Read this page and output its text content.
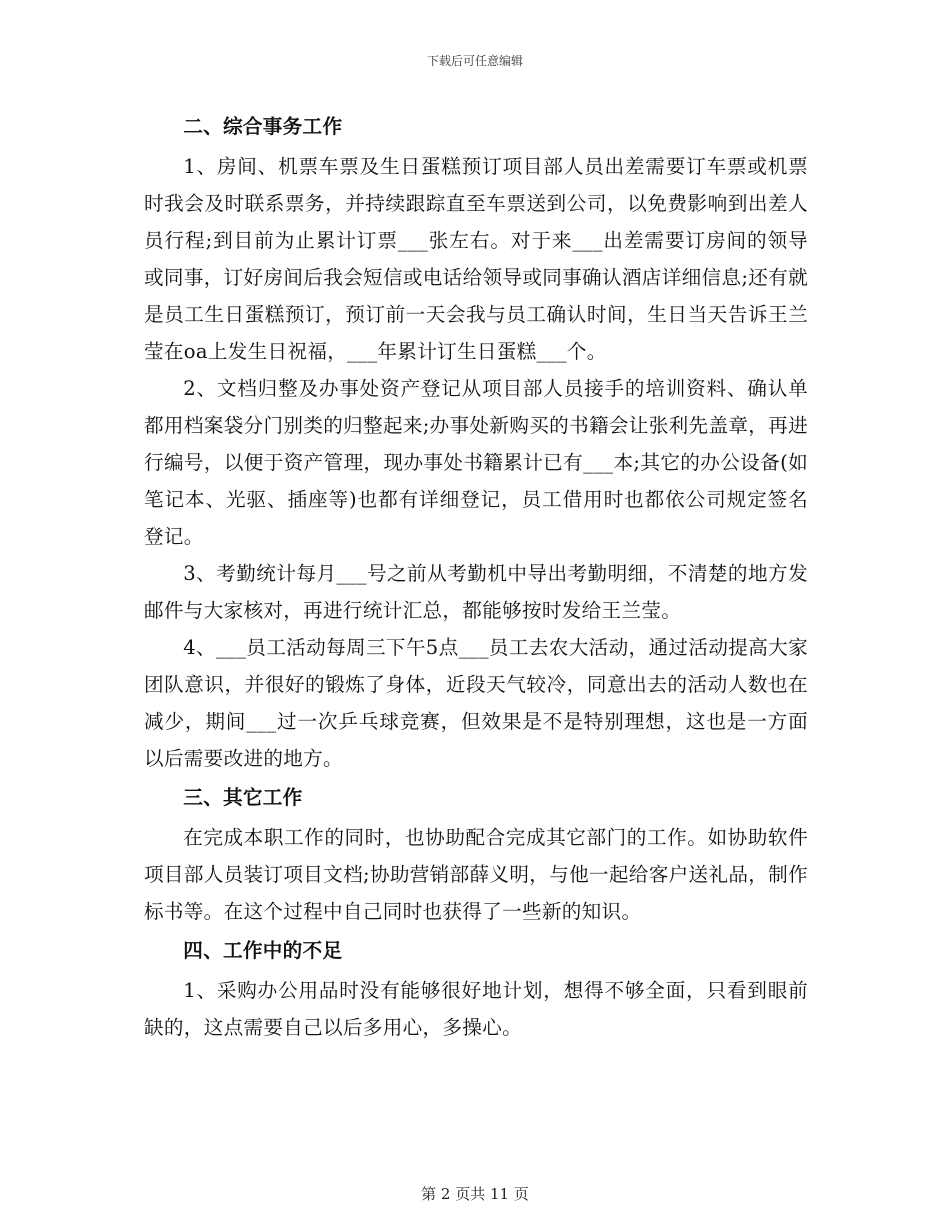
下载后可任意编辑
二、综合事务工作

1、房间、机票车票及生日蛋糕预订项目部人员出差需要订车票或机票时我会及时联系票务，并持续跟踪直至车票送到公司，以免费影响到出差人员行程;到目前为止累计订票___张左右。对于来___出差需要订房间的领导或同事，订好房间后我会短信或电话给领导或同事确认酒店详细信息;还有就是员工生日蛋糕预订，预订前一天会我与员工确认时间，生日当天告诉王兰莹在oa上发生日祝福，___年累计订生日蛋糕___个。

2、文档归整及办事处资产登记从项目部人员接手的培训资料、确认单都用档案袋分门别类的归整起来;办事处新购买的书籍会让张利先盖章，再进行编号，以便于资产管理，现办事处书籍累计已有___本;其它的办公设备(如笔记本、光驱、插座等)也都有详细登记，员工借用时也都依公司规定签名登记。

3、考勤统计每月___号之前从考勤机中导出考勤明细，不清楚的地方发邮件与大家核对，再进行统计汇总，都能够按时发给王兰莹。

4、___员工活动每周三下午5点___员工去农大活动，通过活动提高大家团队意识，并很好的锻炼了身体，近段天气较冷，同意出去的活动人数也在减少，期间___过一次乒乓球竞赛，但效果是不是特别理想，这也是一方面以后需要改进的地方。

三、其它工作

在完成本职工作的同时，也协助配合完成其它部门的工作。如协助软件项目部人员装订项目文档;协助营销部薛义明，与他一起给客户送礼品，制作标书等。在这个过程中自己同时也获得了一些新的知识。

四、工作中的不足

1、采购办公用品时没有能够很好地计划，想得不够全面，只看到眼前缺的，这点需要自己以后多用心，多操心。

第 2 页共 11 页
